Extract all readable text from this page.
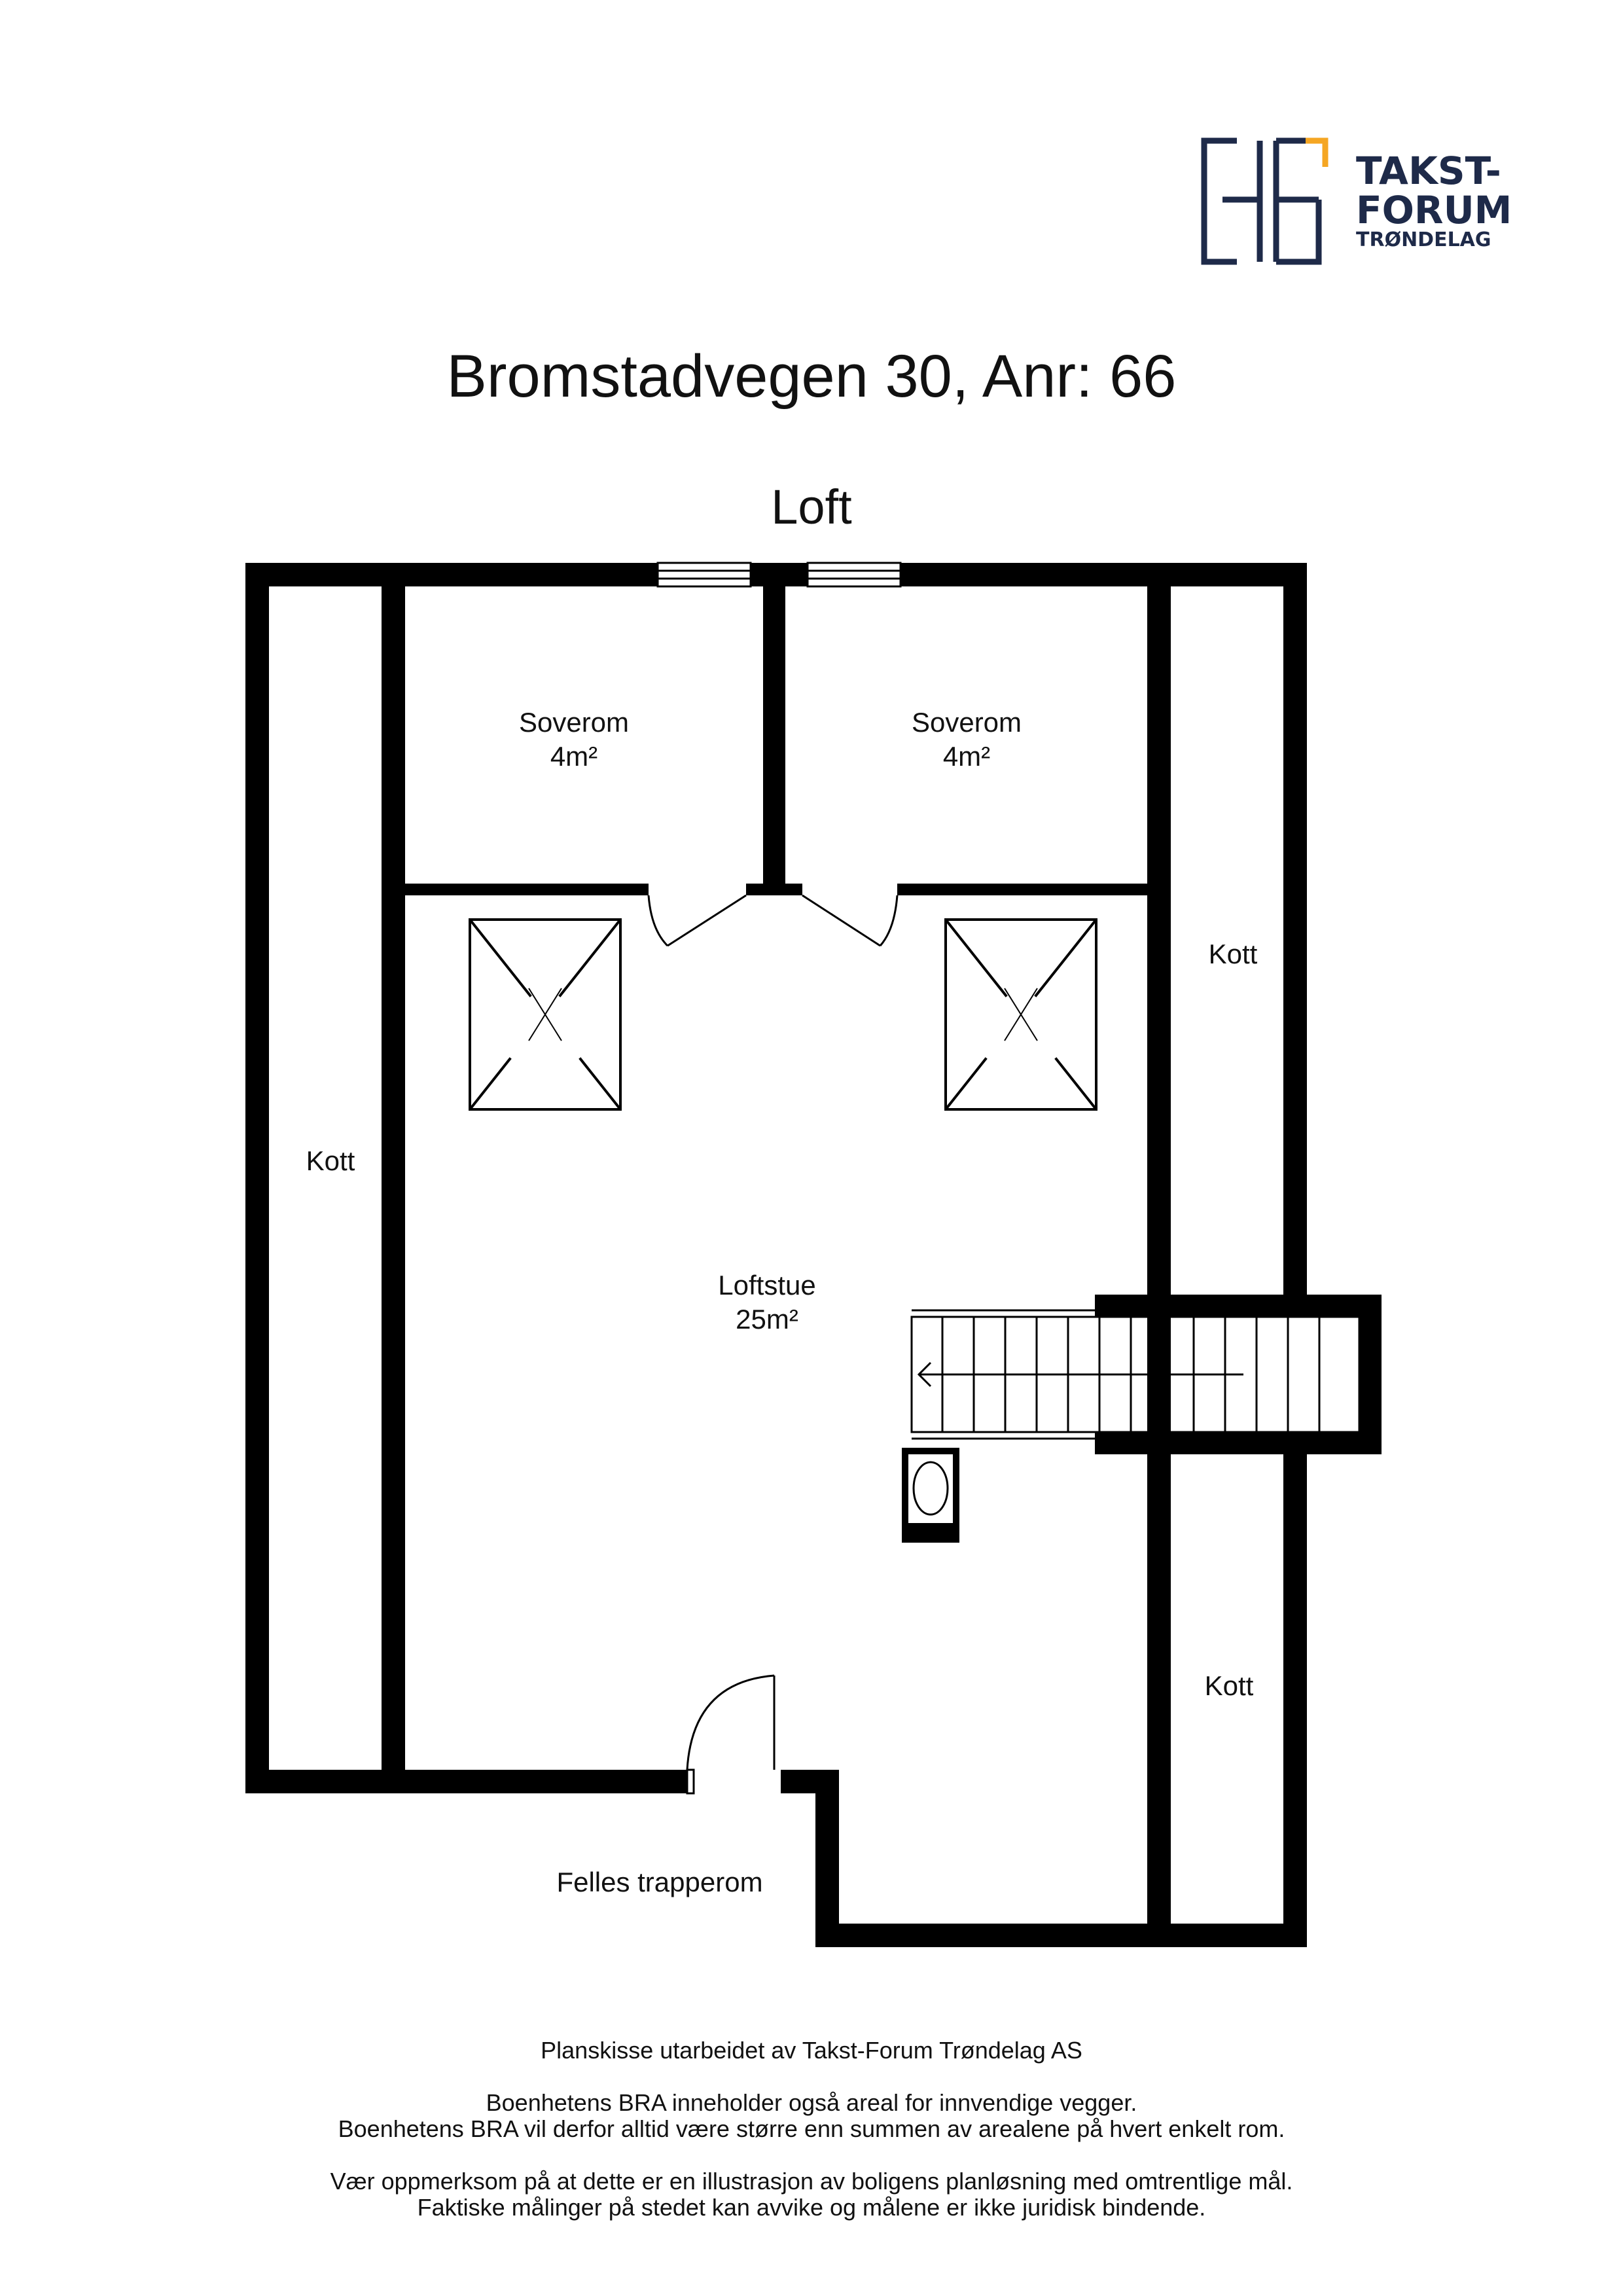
TAKST-
FORUM
TRØNDELAG
Bromstadvegen 30, Anr: 66
Loft
Soverom
4m²
Soverom
4m²
Kott
Kott
Kott
Loftstue
25m²
Felles trapperom
Planskisse utarbeidet av Takst-Forum Trøndelag AS
Boenhetens BRA inneholder også areal for innvendige vegger.
Boenhetens BRA vil derfor alltid være større enn summen av arealene på hvert enkelt rom.
Vær oppmerksom på at dette er en illustrasjon av boligens planløsning med omtrentlige mål.
Faktiske målinger på stedet kan avvike og målene er ikke juridisk bindende.
